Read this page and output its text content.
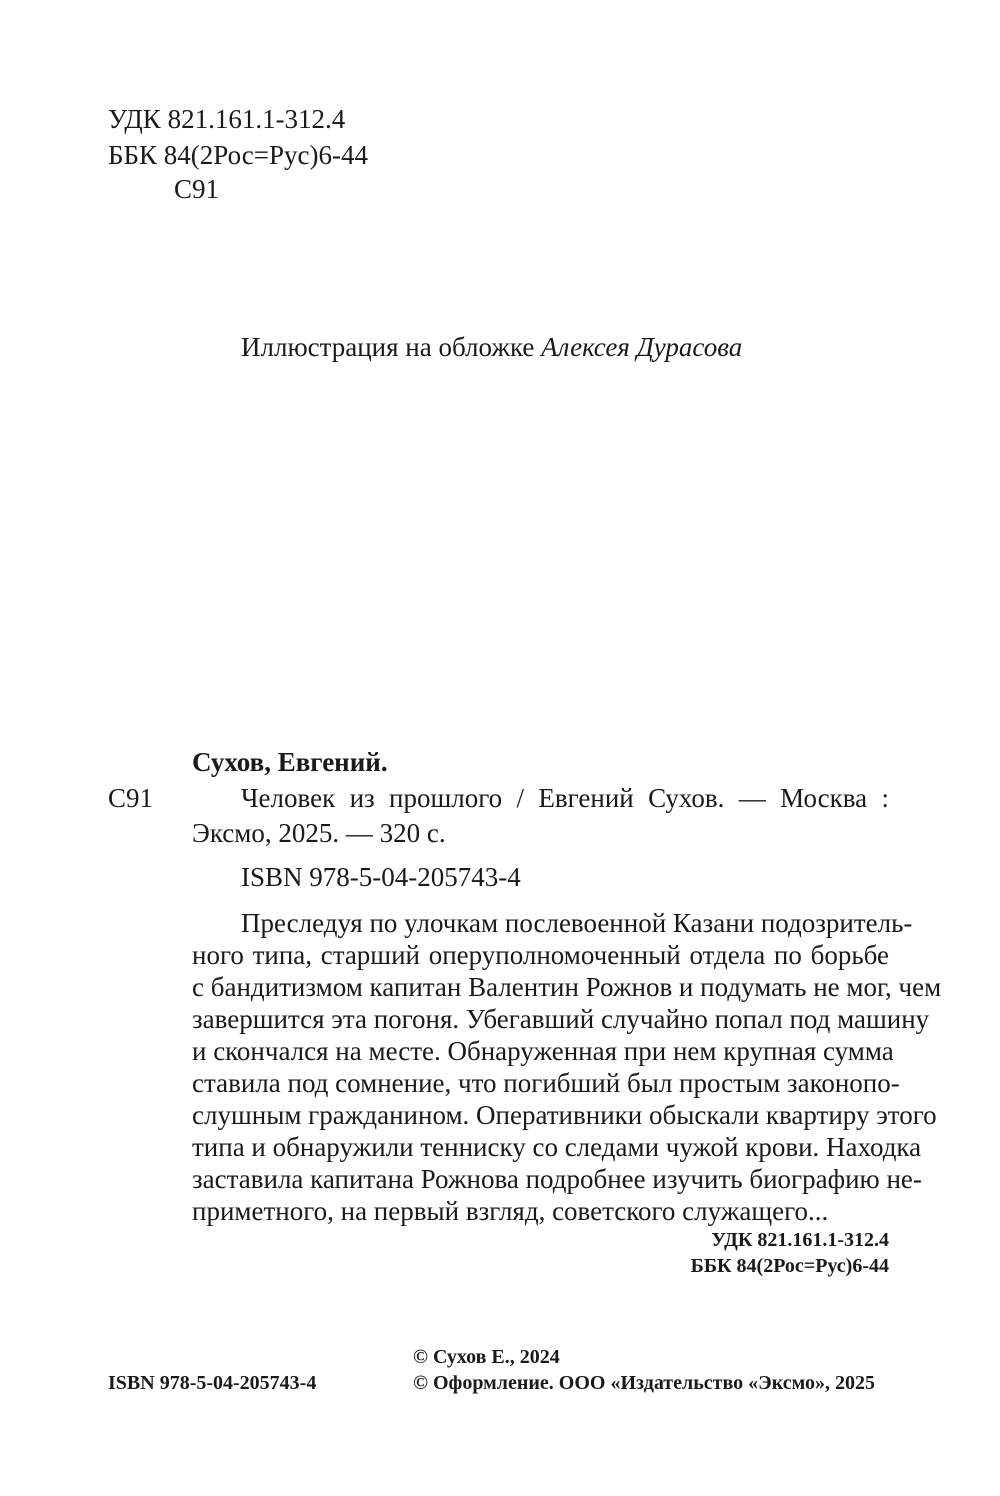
УДК 821.161.1-312.4
ББК 84(2Рос=Рус)6-44
С91
Иллюстрация на обложке Алексея Дурасова
Сухов, Евгений.
С91	Человек из прошлого / Евгений Сухов. — Москва :
Эксмо, 2025. — 320 с.
ISBN 978-5-04-205743-4
Преследуя по улочкам послевоенной Казани подозритель-
ного типа, старший оперуполномоченный отдела по борьбе
с бандитизмом капитан Валентин Рожнов и подумать не мог, чем
завершится эта погоня. Убегавший случайно попал под машину
и скончался на месте. Обнаруженная при нем крупная сумма
ставила под сомнение, что погибший был простым законопо-
слушным гражданином. Оперативники обыскали квартиру этого
типа и обнаружили тенниску со следами чужой крови. Находка
заставила капитана Рожнова подробнее изучить биографию не-
приметного, на первый взгляд, советского служащего...
УДК 821.161.1-312.4
ББК 84(2Рос=Рус)6-44
© Сухов Е., 2024
© Оформление. ООО «Издательство «Эксмо», 2025
ISBN 978-5-04-205743-4
